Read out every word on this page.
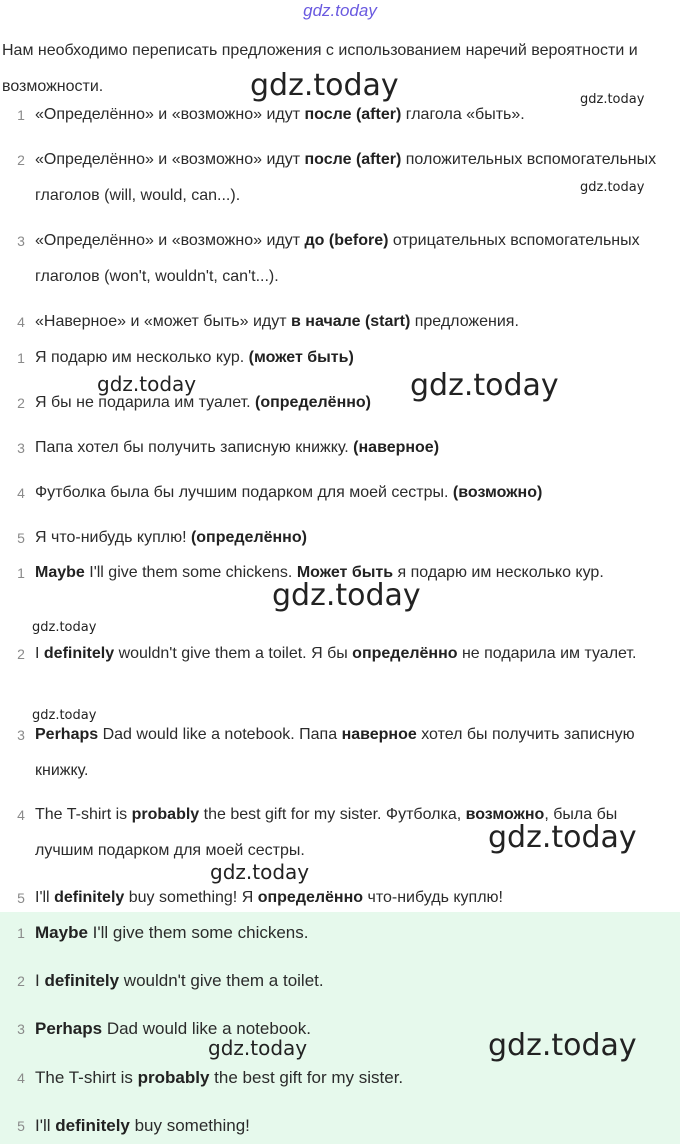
gdz.today

Нам необходимо переписать предложения с использованием наречий вероятности и возможности.

1 «Определённо» и «возможно» идут после (after) глагола «быть».

2 «Определённо» и «возможно» идут после (after) положительных вспомогательных глаголов (will, would, can...).

3 «Определённо» и «возможно» идут до (before) отрицательных вспомогательных глаголов (won't, wouldn't, can't...).

4 «Наверное» и «может быть» идут в начале (start) предложения.

1 Я подарю им несколько кур. (может быть)

2 Я бы не подарила им туалет. (определённо)

3 Папа хотел бы получить записную книжку. (наверное)

4 Футболка была бы лучшим подарком для моей сестры. (возможно)

5 Я что-нибудь куплю! (определённо)

1 Maybe I'll give them some chickens. Может быть я подарю им несколько кур.

2 I definitely wouldn't give them a toilet. Я бы определённо не подарила им туалет.

3 Perhaps Dad would like a notebook. Папа наверное хотел бы получить записную книжку.

4 The T-shirt is probably the best gift for my sister. Футболка, возможно, была бы лучшим подарком для моей сестры.

5 I'll definitely buy something! Я определённо что-нибудь куплю!

1 Maybe I'll give them some chickens.

2 I definitely wouldn't give them a toilet.

3 Perhaps Dad would like a notebook.

4 The T-shirt is probably the best gift for my sister.

5 I'll definitely buy something!

gdz.today	gdz.today
gdz.today
gdz.today	gdz.today
gdz.today
gdz.today
gdz.today
gdz.today
gdz.today
gdz.today	gdz.today
